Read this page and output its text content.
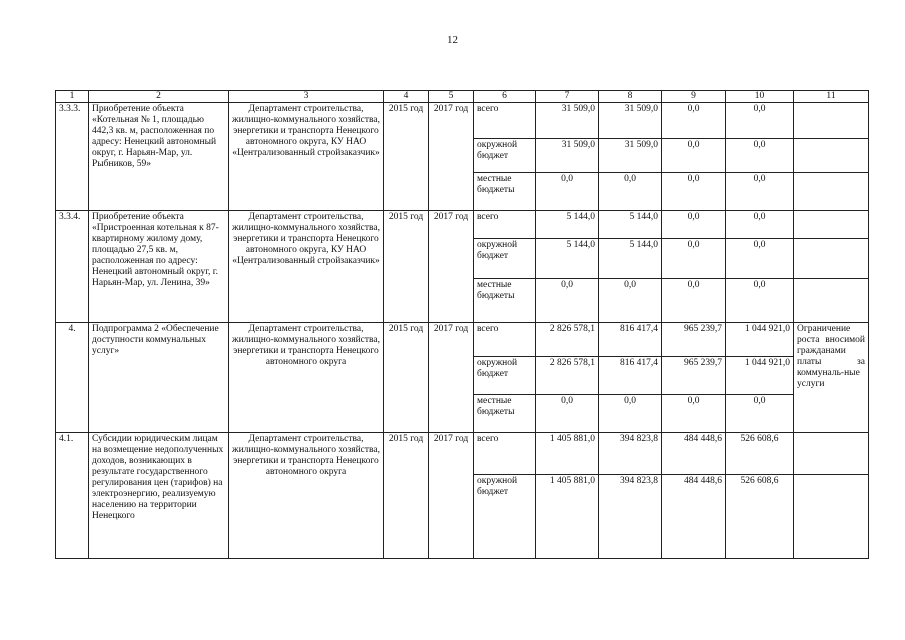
12
1	2	3	4	5	6	7	8	9	10	11
3.3.3.	Приобретение объекта «Котельная № 1, площадью 442,3 кв. м, расположенная по адресу: Ненецкий автономный округ, г. Нарьян-Мар, ул. Рыбников, 59»	Департамент строительства, жилищно-коммунального хозяйства, энергетики и транспорта Ненецкого автономного округа, КУ НАО «Централизованный стройзаказчик»	2015 год	2017 год	всего	31 509,0	31 509,0	0,0	0,0	
					окружной бюджет	31 509,0	31 509,0	0,0	0,0	
					местные бюджеты	0,0	0,0	0,0	0,0	
3.3.4.	Приобретение объекта «Пристроенная котельная к 87-квартирному жилому дому, площадью 27,5 кв. м, расположенная по адресу: Ненецкий автономный округ, г. Нарьян-Мар, ул. Ленина, 39»	Департамент строительства, жилищно-коммунального хозяйства, энергетики и транспорта Ненецкого автономного округа, КУ НАО «Централизованный стройзаказчик»	2015 год	2017 год	всего	5 144,0	5 144,0	0,0	0,0	
					окружной бюджет	5 144,0	5 144,0	0,0	0,0	
					местные бюджеты	0,0	0,0	0,0	0,0	
4.	Подпрограмма 2 «Обеспечение доступности коммунальных услуг»	Департамент строительства, жилищно-коммунального хозяйства, энергетики и транспорта Ненецкого автономного округа	2015 год	2017 год	всего	2 826 578,1	816 417,4	965 239,7	1 044 921,0	Ограничение роста вносимой гражданами платы за коммуналь-ные услуги
					окружной бюджет	2 826 578,1	816 417,4	965 239,7	1 044 921,0	
					местные бюджеты	0,0	0,0	0,0	0,0	
4.1.	Субсидии юридическим лицам на возмещение недополученных доходов, возникающих в результате государственного регулирования цен (тарифов) на электроэнергию, реализуемую населению на территории Ненецкого	Департамент строительства, жилищно-коммунального хозяйства, энергетики и транспорта Ненецкого автономного округа	2015 год	2017 год	всего	1 405 881,0	394 823,8	484 448,6	526 608,6	
					окружной бюджет	1 405 881,0	394 823,8	484 448,6	526 608,6	
